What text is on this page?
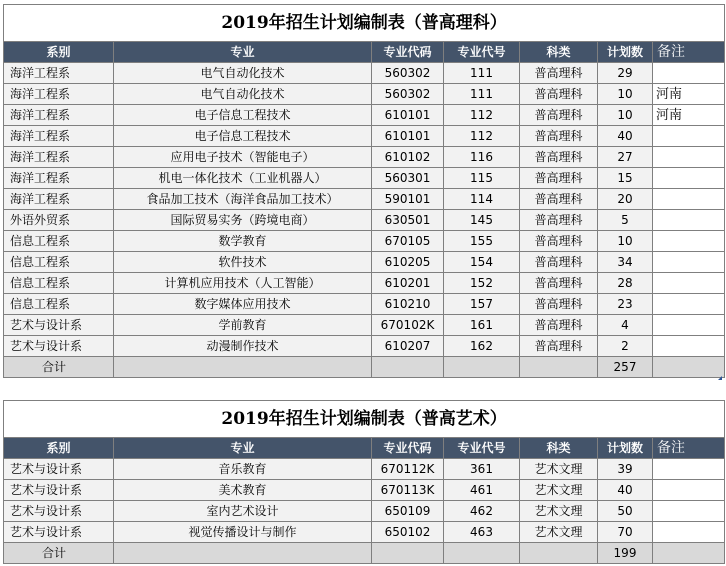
2019年招生计划编制表（普高理科）						
系别	专业	专业代码	专业代号	科类	计划数	备注
海洋工程系	电气自动化技术	560302	111	普高理科	29	
海洋工程系	电气自动化技术	560302	111	普高理科	10	河南
海洋工程系	电子信息工程技术	610101	112	普高理科	10	河南
海洋工程系	电子信息工程技术	610101	112	普高理科	40	
海洋工程系	应用电子技术（智能电子）	610102	116	普高理科	27	
海洋工程系	机电一体化技术（工业机器人）	560301	115	普高理科	15	
海洋工程系	食品加工技术（海洋食品加工技术）	590101	114	普高理科	20	
外语外贸系	国际贸易实务（跨境电商）	630501	145	普高理科	5	
信息工程系	数学教育	670105	155	普高理科	10	
信息工程系	软件技术	610205	154	普高理科	34	
信息工程系	计算机应用技术（人工智能）	610201	152	普高理科	28	
信息工程系	数字媒体应用技术	610210	157	普高理科	23	
艺术与设计系	学前教育	670102K	161	普高理科	4	
艺术与设计系	动漫制作技术	610207	162	普高理科	2	
合计					257	
2019年招生计划编制表（普高艺术）						
系别	专业	专业代码	专业代号	科类	计划数	备注
艺术与设计系	音乐教育	670112K	361	艺术文理	39	
艺术与设计系	美术教育	670113K	461	艺术文理	40	
艺术与设计系	室内艺术设计	650109	462	艺术文理	50	
艺术与设计系	视觉传播设计与制作	650102	463	艺术文理	70	
合计					199	
